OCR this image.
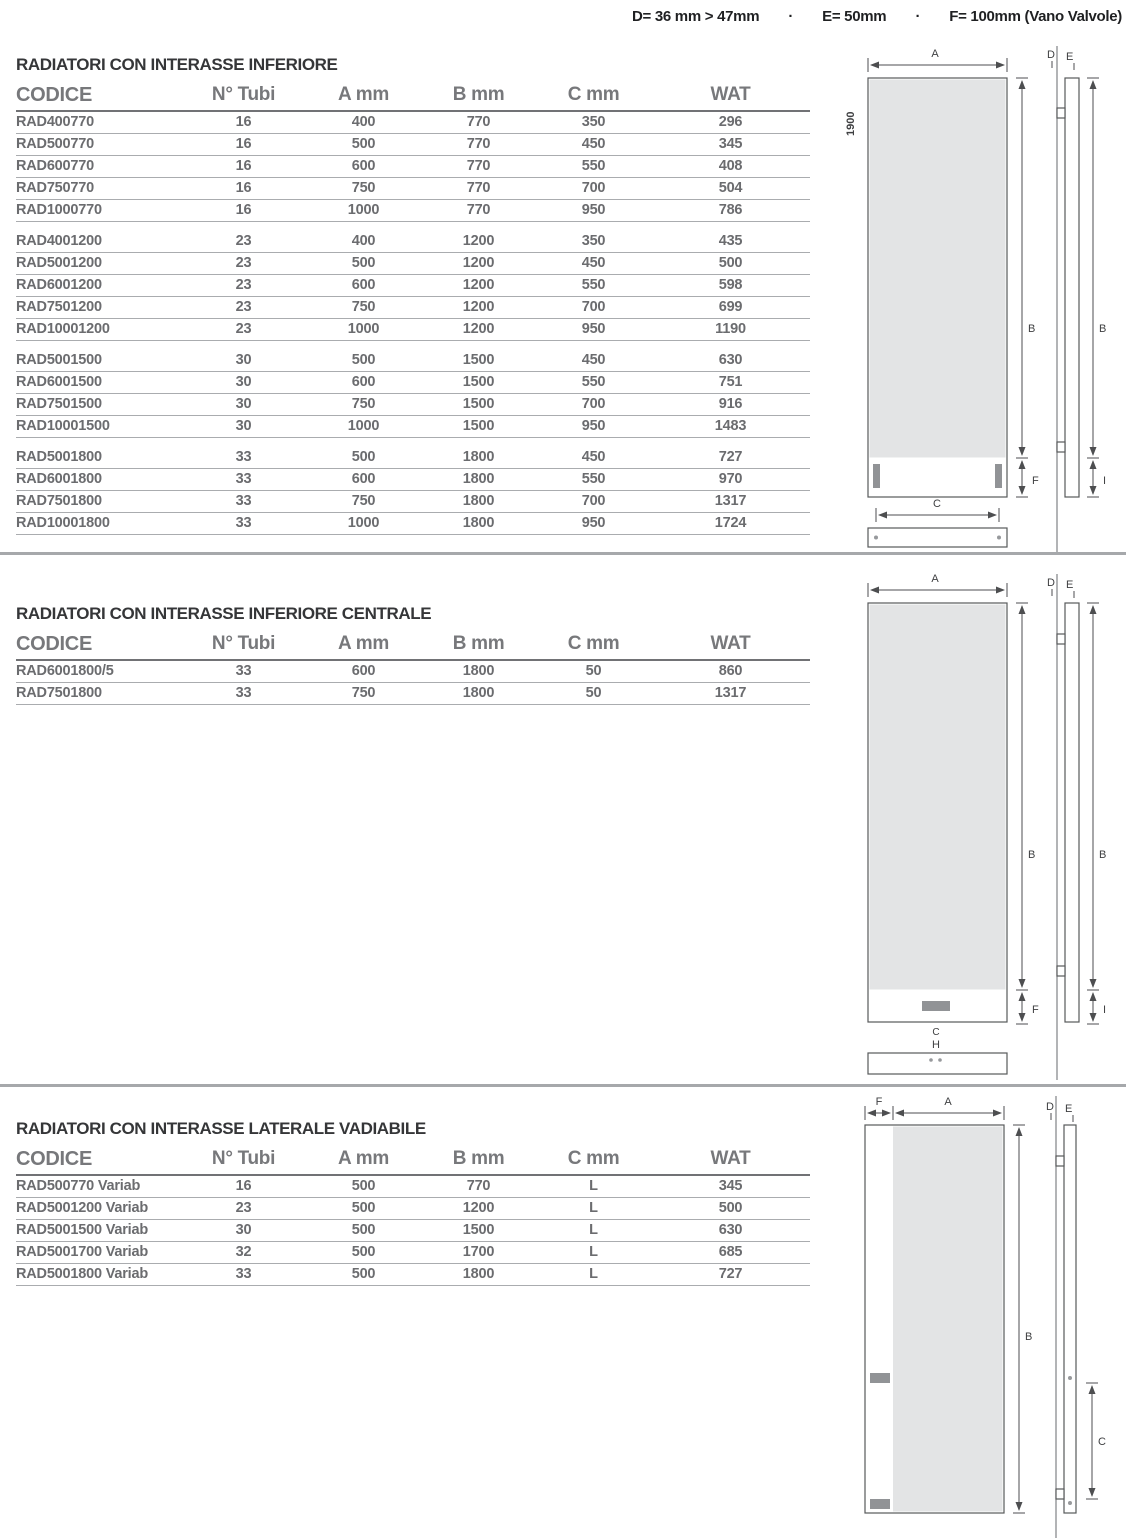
D= 36 mm > 47mm · E= 50mm · F= 100mm (Vano Valvole)
RADIATORI CON INTERASSE INFERIORE
CODICE	N° Tubi	A mm	B mm	C mm	WAT
RAD400770	16	400	770	350	296
RAD500770	16	500	770	450	345
RAD600770	16	600	770	550	408
RAD750770	16	750	770	700	504
RAD1000770	16	1000	770	950	786
RAD4001200	23	400	1200	350	435
RAD5001200	23	500	1200	450	500
RAD6001200	23	600	1200	550	598
RAD7501200	23	750	1200	700	699
RAD10001200	23	1000	1200	950	1190
RAD5001500	30	500	1500	450	630
RAD6001500	30	600	1500	550	751
RAD7501500	30	750	1500	700	916
RAD10001500	30	1000	1500	950	1483
RAD5001800	33	500	1800	450	727
RAD6001800	33	600	1800	550	970
RAD7501800	33	750	1800	700	1317
RAD10001800	33	1000	1800	950	1724
RADIATORI CON INTERASSE INFERIORE CENTRALE
CODICE	N° Tubi	A mm	B mm	C mm	WAT
RAD6001800/5	33	600	1800	50	860
RAD7501800	33	750	1800	50	1317
RADIATORI CON INTERASSE LATERALE VADIABILE
CODICE	N° Tubi	A mm	B mm	C mm	WAT
RAD500770 Variab	16	500	770	L	345
RAD5001200 Variab	23	500	1200	L	500
RAD5001500 Variab	30	500	1500	L	630
RAD5001700 Variab	32	500	1700	L	685
RAD5001800 Variab	33	500	1800	L	727
1900
A
B
F
C
D E
B
I
A
B
F
C
H
D E
B
I
F	A
B
D E
C
